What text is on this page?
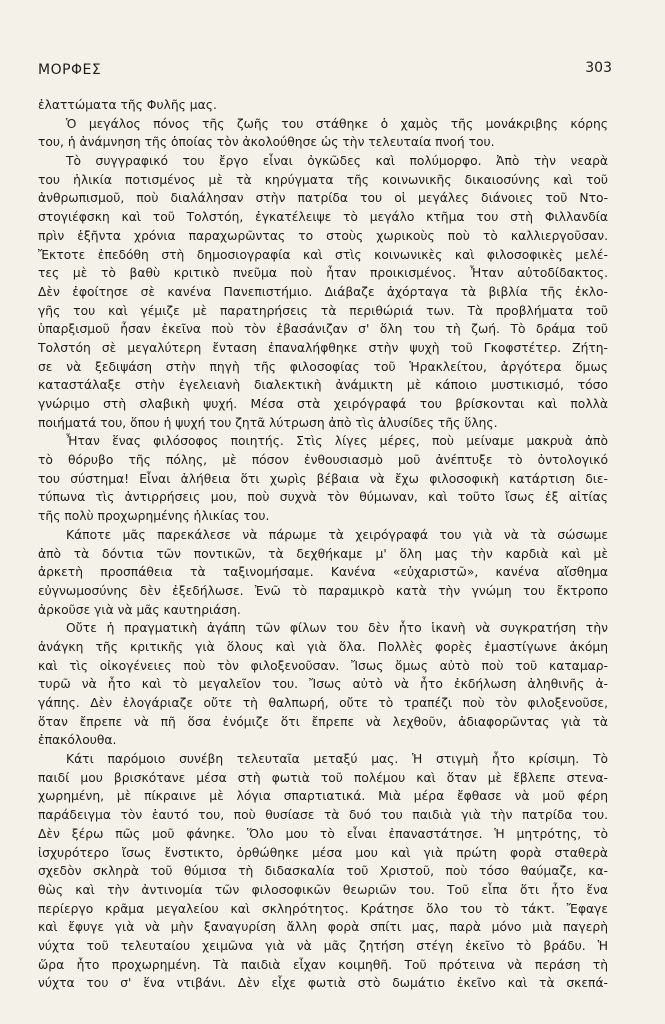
ΜΟΡΦΕΣ	303
ἐλαττώματα τῆς Φυλῆς μας.
Ὁ μεγάλος πόνος τῆς ζωῆς του στάθηκε ὁ χαμὸς τῆς μονάκριβης κόρης
του, ἡ ἀνάμνηση τῆς ὁποίας τὸν ἀκολούθησε ὡς τὴν τελευταία πνοή του.
Τὸ συγγραφικό του ἔργο εἶναι ὀγκῶδες καὶ πολύμορφο. Ἀπὸ τὴν νεαρὰ
του ἡλικία ποτισμένος μὲ τὰ κηρύγματα τῆς κοινωνικῆς δικαιοσύνης καὶ τοῦ
ἀνθρωπισμοῦ, ποὺ διαλάλησαν στὴν πατρίδα του οἱ μεγάλες διάνοιες τοῦ Ντο-
στογιέφσκη καὶ τοῦ Τολστόη, ἐγκατέλειψε τὸ μεγάλο κτῆμα του στὴ Φιλλανδία
πρὶν ἑξῆντα χρόνια παραχωρῶντας το στοὺς χωρικοὺς ποὺ τὸ καλλιεργοῦσαν.
Ἔκτοτε ἐπεδόθη στὴ δημοσιογραφία καὶ στὶς κοινωνικὲς καὶ φιλοσοφικὲς μελέ-
τες μὲ τὸ βαθὺ κριτικὸ πνεῦμα ποὺ ἦταν προικισμένος. Ἦταν αὐτοδίδακτος.
Δὲν ἐφοίτησε σὲ κανένα Πανεπιστήμιο. Διάβαζε ἀχόρταγα τὰ βιβλία τῆς ἐκλο-
γῆς του καὶ γέμιζε μὲ παρατηρήσεις τὰ περιθώριά των. Τὰ προβλήματα τοῦ
ὑπαρξισμοῦ ἦσαν ἐκεῖνα ποὺ τὸν ἐβασάνιζαν σ' ὅλη του τὴ ζωή. Τὸ δράμα τοῦ
Τολστόη σὲ μεγαλύτερη ἔνταση ἐπαναλήφθηκε στὴν ψυχὴ τοῦ Γκοφστέτερ. Ζήτη-
σε νὰ ξεδιψάση στὴν πηγὴ τῆς φιλοσοφίας τοῦ Ἡρακλείτου, ἀργότερα ὅμως
καταστάλαξε στὴν ἐγελειανὴ διαλεκτικὴ ἀνάμικτη μὲ κάποιο μυστικισμό, τόσο
γνώριμο στὴ σλαβικὴ ψυχή. Μέσα στὰ χειρόγραφά του βρίσκονται καὶ πολλὰ
ποιήματά του, ὅπου ἡ ψυχή του ζητᾶ λύτρωση ἀπὸ τὶς ἁλυσίδες τῆς ὕλης.
Ἦταν ἕνας φιλόσοφος ποιητής. Στὶς λίγες μέρες, ποὺ μείναμε μακρυὰ ἀπὸ
τὸ θόρυβο τῆς πόλης, μὲ πόσον ἐνθουσιασμὸ μοῦ ἀνέπτυξε τὸ ὀντολογικό
του σύστημα! Εἶναι ἀλήθεια ὅτι χωρὶς βέβαια νὰ ἔχω φιλοσοφικὴ κατάρτιση διε-
τύπωνα τὶς ἀντιρρήσεις μου, ποὺ συχνὰ τὸν θύμωναν, καὶ τοῦτο ἴσως ἐξ αἰτίας
τῆς πολὺ προχωρημένης ἡλικίας του.
Κάποτε μᾶς παρεκάλεσε νὰ πάρωμε τὰ χειρόγραφά του γιὰ νὰ τὰ σώσωμε
ἀπὸ τὰ δόντια τῶν ποντικῶν, τὰ δεχθήκαμε μ' ὅλη μας τὴν καρδιὰ καὶ μὲ
ἀρκετὴ προσπάθεια τὰ ταξινομήσαμε. Κανένα «εὐχαριστῶ», κανένα αἴσθημα
εὐγνωμοσύνης δὲν ἐξεδήλωσε. Ἐνῶ τὸ παραμικρὸ κατὰ τὴν γνώμη του ἔκτροπο
ἀρκοῦσε γιὰ νὰ μᾶς καυτηριάση.
Οὔτε ἡ πραγματικὴ ἀγάπη τῶν φίλων του δὲν ἦτο ἱκανὴ νὰ συγκρατήση τὴν
ἀνάγκη τῆς κριτικῆς γιὰ ὅλους καὶ γιὰ ὅλα. Πολλὲς φορὲς ἐμαστίγωνε ἀκόμη
καὶ τὶς οἰκογένειες ποὺ τὸν φιλοξενοῦσαν. Ἴσως ὅμως αὐτὸ ποὺ τοῦ καταμαρ-
τυρῶ νὰ ἦτο καὶ τὸ μεγαλεῖον του. Ἴσως αὐτὸ νὰ ἦτο ἐκδήλωση ἀληθινῆς ἀ-
γάπης. Δὲν ἐλογάριαζε οὔτε τὴ θαλπωρή, οὔτε τὸ τραπέζι ποὺ τὸν φιλοξενοῦσε,
ὅταν ἔπρεπε νὰ πῆ ὅσα ἐνόμιζε ὅτι ἔπρεπε νὰ λεχθοῦν, ἀδιαφορῶντας γιὰ τὰ
ἐπακόλουθα.
Κάτι παρόμοιο συνέβη τελευταῖα μεταξύ μας. Ἡ στιγμὴ ἦτο κρίσιμη. Τὸ
παιδί μου βρισκότανε μέσα στὴ φωτιὰ τοῦ πολέμου καὶ ὅταν μὲ ἔβλεπε στενα-
χωρημένη, μὲ πίκραινε μὲ λόγια σπαρτιατικά. Μιὰ μέρα ἔφθασε νὰ μοῦ φέρη
παράδειγμα τὸν ἑαυτό του, ποὺ θυσίασε τὰ δυό του παιδιὰ γιὰ τὴν πατρίδα του.
Δὲν ξέρω πῶς μοῦ φάνηκε. Ὅλο μου τὸ εἶναι ἐπαναστάτησε. Ἡ μητρότης, τὸ
ἰσχυρότερο ἴσως ἔνστικτο, ὀρθώθηκε μέσα μου καὶ γιὰ πρώτη φορὰ σταθερὰ
σχεδὸν σκληρὰ τοῦ θύμισα τὴ διδασκαλία τοῦ Χριστοῦ, ποὺ τόσο θαύμαζε, κα-
θὼς καὶ τὴν ἀντινομία τῶν φιλοσοφικῶν θεωριῶν του. Τοῦ εἶπα ὅτι ἦτο ἕνα
περίεργο κρᾶμα μεγαλείου καὶ σκληρότητος. Κράτησε ὅλο του τὸ τάκτ. Ἔφαγε
καὶ ἔφυγε γιὰ νὰ μὴν ξαναγυρίση ἄλλη φορὰ σπίτι μας, παρὰ μόνο μιὰ παγερὴ
νύχτα τοῦ τελευταίου χειμῶνα γιὰ νὰ μᾶς ζητήση στέγη ἐκεῖνο τὸ βράδυ. Ἡ
ὥρα ἦτο προχωρημένη. Τὰ παιδιὰ εἶχαν κοιμηθῆ. Τοῦ πρότεινα νὰ περάση τὴ
νύχτα του σ' ἕνα ντιβάνι. Δὲν εἶχε φωτιὰ στὸ δωμάτιο ἐκεῖνο καὶ τὰ σκεπά-
